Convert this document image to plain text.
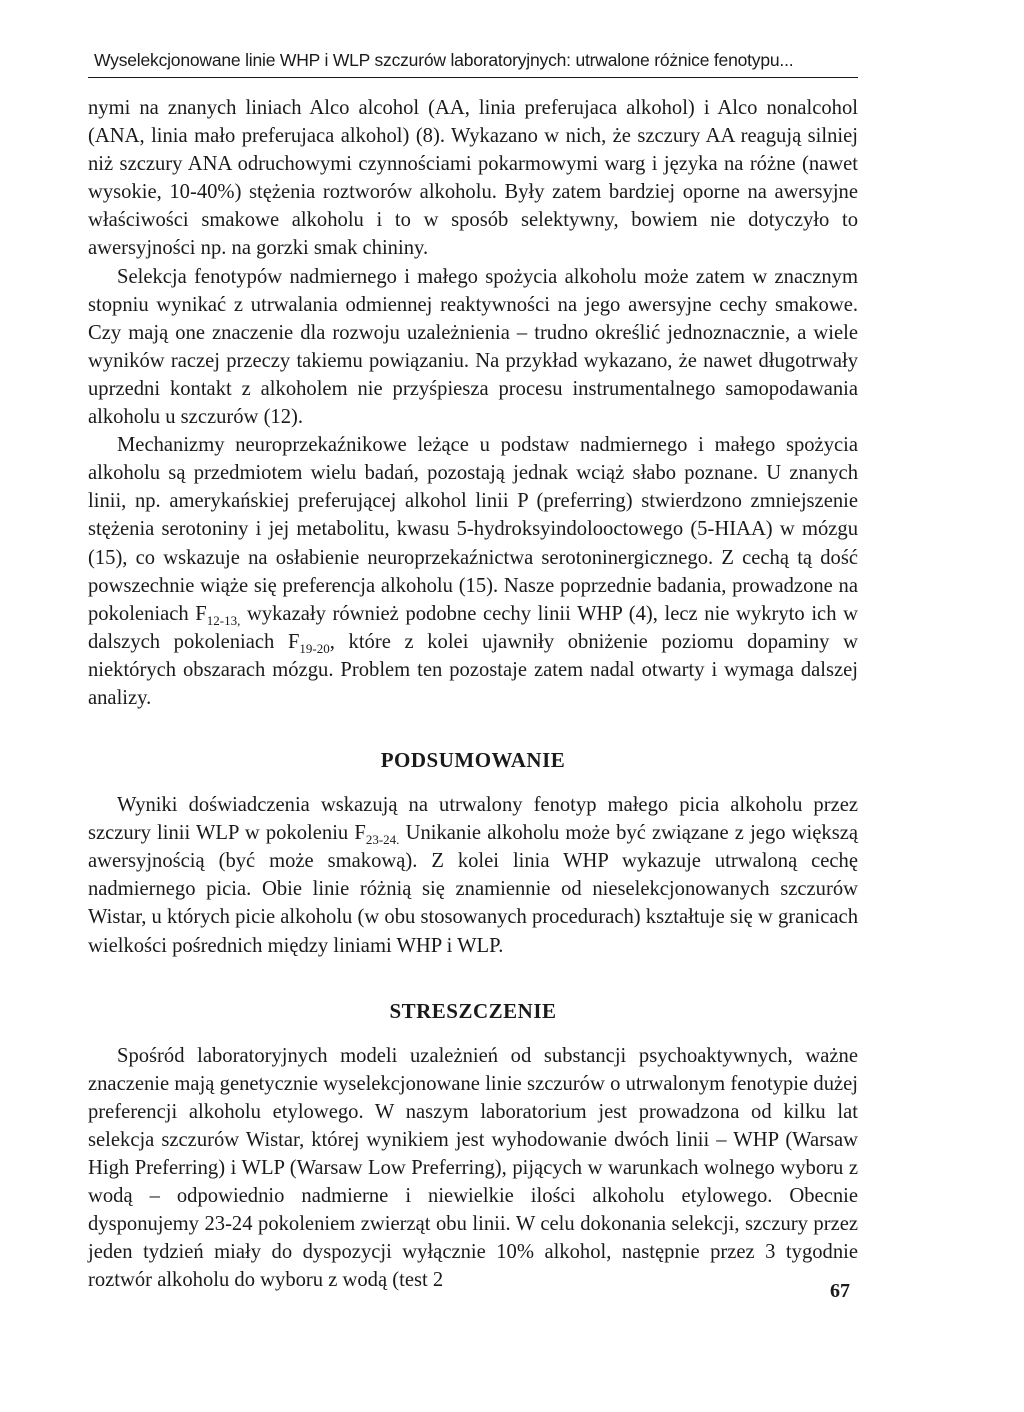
Wyselekcjonowane linie WHP i WLP szczurów laboratoryjnych: utrwalone różnice fenotypu...

nymi na znanych liniach Alco alcohol (AA, linia preferujaca alkohol) i Alco nonalcohol (ANA, linia mało preferujaca alkohol) (8). Wykazano w nich, że szczury AA reagują silniej niż szczury ANA odruchowymi czynnościami pokarmowymi warg i języka na różne (nawet wysokie, 10-40%) stężenia roztworów alkoholu. Były zatem bardziej oporne na awersyjne właściwości smakowe alkoholu i to w sposób selektywny, bowiem nie dotyczyło to awersyjności np. na gorzki smak chininy.

Selekcja fenotypów nadmiernego i małego spożycia alkoholu może zatem w znacznym stopniu wynikać z utrwalania odmiennej reaktywności na jego awersyjne cechy smakowe. Czy mają one znaczenie dla rozwoju uzależnienia – trudno określić jednoznacznie, a wiele wyników raczej przeczy takiemu powiązaniu. Na przykład wykazano, że nawet długotrwały uprzedni kontakt z alkoholem nie przyśpiesza procesu instrumentalnego samopodawania alkoholu u szczurów (12).

Mechanizmy neuroprzekaźnikowe leżące u podstaw nadmiernego i małego spożycia alkoholu są przedmiotem wielu badań, pozostają jednak wciąż słabo poznane. U znanych linii, np. amerykańskiej preferującej alkohol linii P (preferring) stwierdzono zmniejszenie stężenia serotoniny i jej metabolitu, kwasu 5-hydroksyindolooctowego (5-HIAA) w mózgu (15), co wskazuje na osłabienie neuroprzekaźnictwa serotoninergicznego. Z cechą tą dość powszechnie wiąże się preferencja alkoholu (15). Nasze poprzednie badania, prowadzone na pokoleniach $F_{12-13,}$ wykazały również podobne cechy linii WHP (4), lecz nie wykryto ich w dalszych pokoleniach $F_{19-20}$, które z kolei ujawniły obniżenie poziomu dopaminy w niektórych obszarach mózgu. Problem ten pozostaje zatem nadal otwarty i wymaga dalszej analizy.

PODSUMOWANIE

Wyniki doświadczenia wskazują na utrwalony fenotyp małego picia alkoholu przez szczury linii WLP w pokoleniu $F_{23-24.}$ Unikanie alkoholu może być związane z jego większą awersyjnością (być może smakową). Z kolei linia WHP wykazuje utrwaloną cechę nadmiernego picia. Obie linie różnią się znamiennie od nieselekcjonowanych szczurów Wistar, u których picie alkoholu (w obu stosowanych procedurach) kształtuje się w granicach wielkości pośrednich między liniami WHP i WLP.

STRESZCZENIE

Spośród laboratoryjnych modeli uzależnień od substancji psychoaktywnych, ważne znaczenie mają genetycznie wyselekcjonowane linie szczurów o utrwalonym fenotypie dużej preferencji alkoholu etylowego. W naszym laboratorium jest prowadzona od kilku lat selekcja szczurów Wistar, której wynikiem jest wyhodowanie dwóch linii – WHP (Warsaw High Preferring) i WLP (Warsaw Low Preferring), pijących w warunkach wolnego wyboru z wodą – odpowiednio nadmierne i niewielkie ilości alkoholu etylowego. Obecnie dysponujemy 23-24 pokoleniem zwierząt obu linii. W celu dokonania selekcji, szczury przez jeden tydzień miały do dyspozycji wyłącznie 10% alkohol, następnie przez 3 tygodnie roztwór alkoholu do wyboru z wodą (test 2	67
